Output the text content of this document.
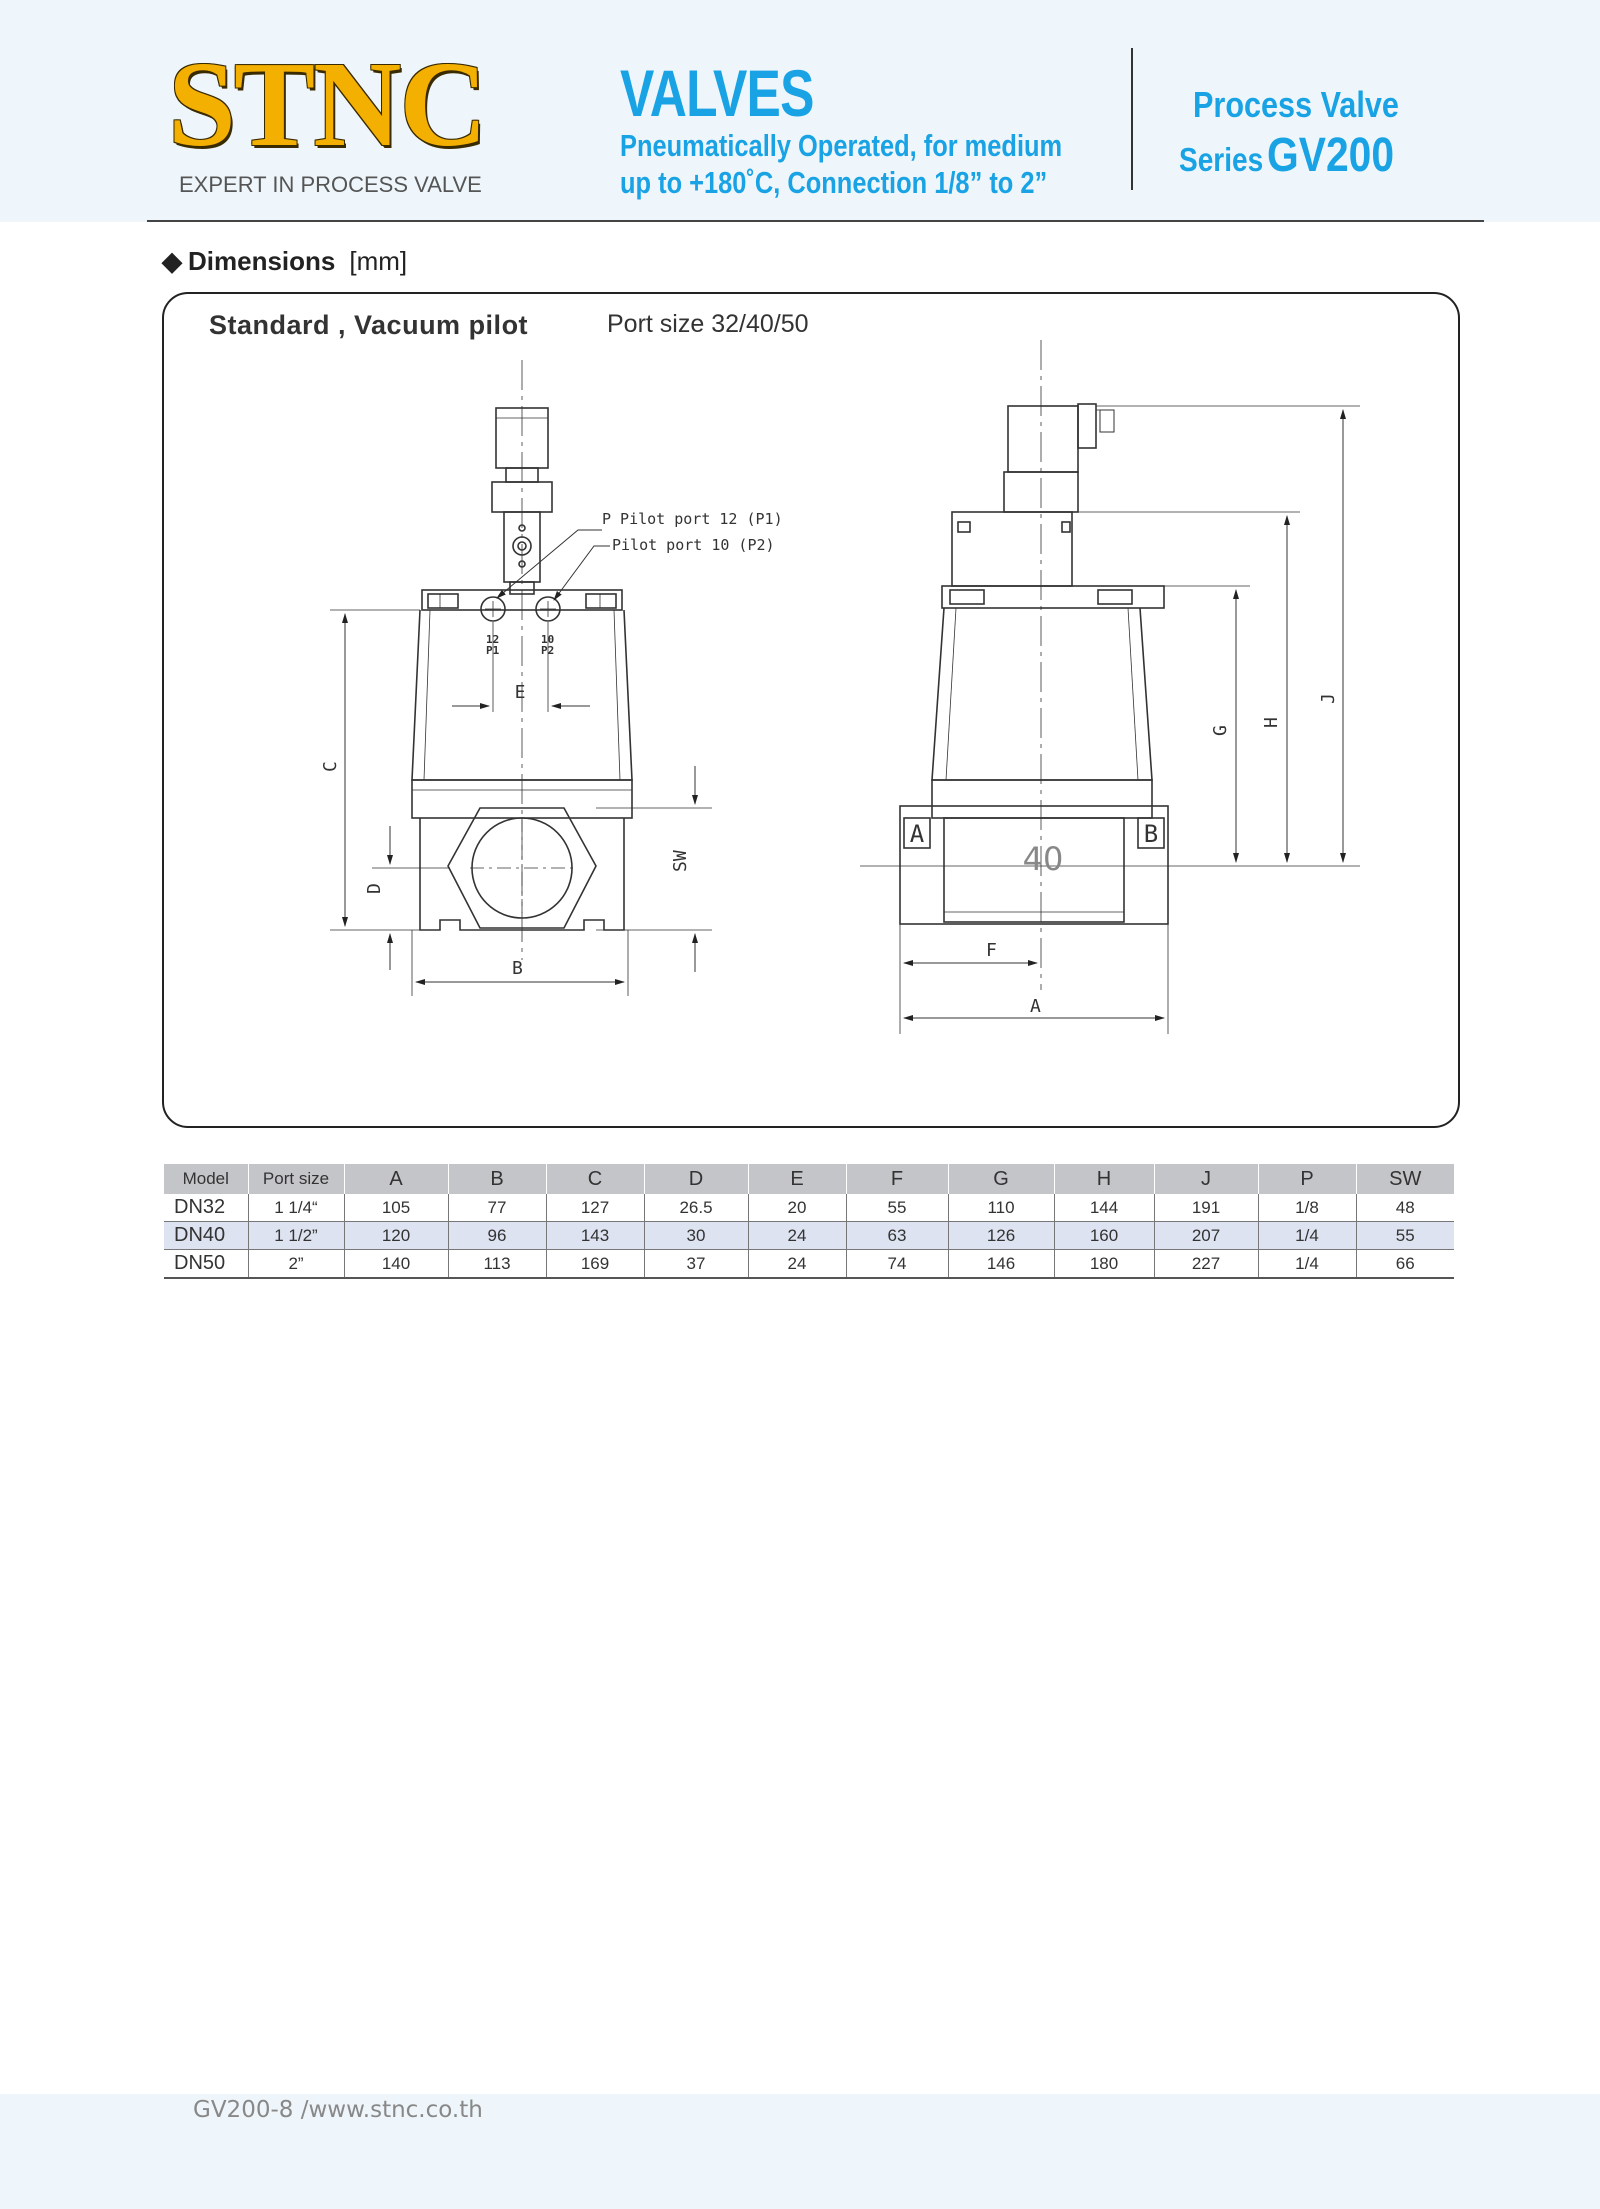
STNC
EXPERT IN PROCESS VALVE
VALVES
Pneumatically Operated, for medium
up to +180˚C, Connection 1/8” to 2”
Process Valve
Series GV200
◆ Dimensions [mm]
Standard , Vacuum pilot	Port size 32/40/50
P Pilot port 12 (P1)
Pilot port 10 (P2)
12
P1
10
P2
E
C
D
SW
B
A	B
40
G
H
J
F
A
Model	Port size	A	B	C	D	E	F	G	H	J	P	SW
DN32	1 1/4“	105	77	127	26.5	20	55	110	144	191	1/8	48
DN40	1 1/2”	120	96	143	30	24	63	126	160	207	1/4	55
DN50	2”	140	113	169	37	24	74	146	180	227	1/4	66
GV200-8 /www.stnc.co.th
